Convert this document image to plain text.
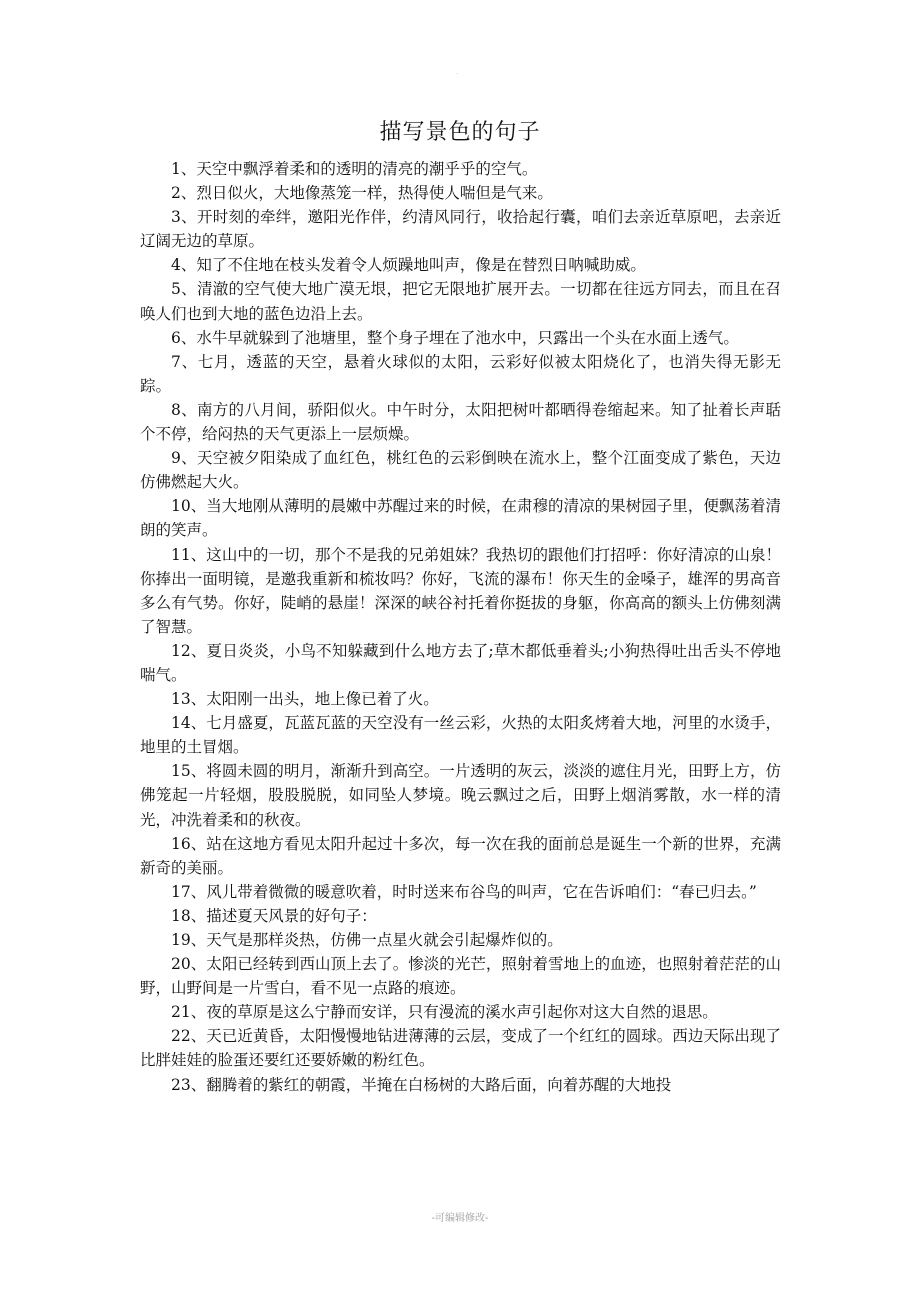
·
描写景色的句子

1、天空中飘浮着柔和的透明的清亮的潮乎乎的空气。

2、烈日似火，大地像蒸笼一样，热得使人喘但是气来。

3、开时刻的牵绊，邀阳光作伴，约清风同行，收拾起行囊，咱们去亲近草原吧，去亲近辽阔无边的草原。

4、知了不住地在枝头发着令人烦躁地叫声，像是在替烈日呐喊助威。

5、清澈的空气使大地广漠无垠，把它无限地扩展开去。一切都在往远方同去，而且在召唤人们也到大地的蓝色边沿上去。

6、水牛早就躲到了池塘里，整个身子埋在了池水中，只露出一个头在水面上透气。

7、七月，透蓝的天空，悬着火球似的太阳，云彩好似被太阳烧化了，也消失得无影无踪。

8、南方的八月间，骄阳似火。中午时分，太阳把树叶都晒得卷缩起来。知了扯着长声聒个不停，给闷热的天气更添上一层烦燥。

9、天空被夕阳染成了血红色，桃红色的云彩倒映在流水上，整个江面变成了紫色，天边仿佛燃起大火。

10、当大地刚从薄明的晨嫩中苏醒过来的时候，在肃穆的清凉的果树园子里，便飘荡着清朗的笑声。

11、这山中的一切，那个不是我的兄弟姐妹？我热切的跟他们打招呼：你好清凉的山泉！你捧出一面明镜，是邀我重新和梳妆吗？你好，飞流的瀑布！你天生的金嗓子，雄浑的男高音多么有气势。你好，陡峭的悬崖！深深的峡谷衬托着你挺拔的身躯，你高高的额头上仿佛刻满了智慧。

12、夏日炎炎，小鸟不知躲藏到什么地方去了;草木都低垂着头;小狗热得吐出舌头不停地喘气。

13、太阳刚一出头，地上像已着了火。

14、七月盛夏，瓦蓝瓦蓝的天空没有一丝云彩，火热的太阳炙烤着大地，河里的水烫手，地里的土冒烟。

15、将圆未圆的明月，渐渐升到高空。一片透明的灰云，淡淡的遮住月光，田野上方，仿佛笼起一片轻烟，股股脱脱，如同坠人梦境。晚云飘过之后，田野上烟消雾散，水一样的清光，冲洗着柔和的秋夜。

16、站在这地方看见太阳升起过十多次，每一次在我的面前总是诞生一个新的世界，充满新奇的美丽。

17、风儿带着微微的暖意吹着，时时送来布谷鸟的叫声，它在告诉咱们：“春已归去。”

18、描述夏天风景的好句子：

19、天气是那样炎热，仿佛一点星火就会引起爆炸似的。

20、太阳已经转到西山顶上去了。惨淡的光芒，照射着雪地上的血迹，也照射着茫茫的山野，山野间是一片雪白，看不见一点路的痕迹。

21、夜的草原是这么宁静而安详，只有漫流的溪水声引起你对这大自然的退思。

22、天已近黄昏，太阳慢慢地钻进薄薄的云层，变成了一个红红的圆球。西边天际出现了比胖娃娃的脸蛋还要红还要娇嫩的粉红色。

23、翻腾着的紫红的朝霞，半掩在白杨树的大路后面，向着苏醒的大地投

-可编辑修改-
